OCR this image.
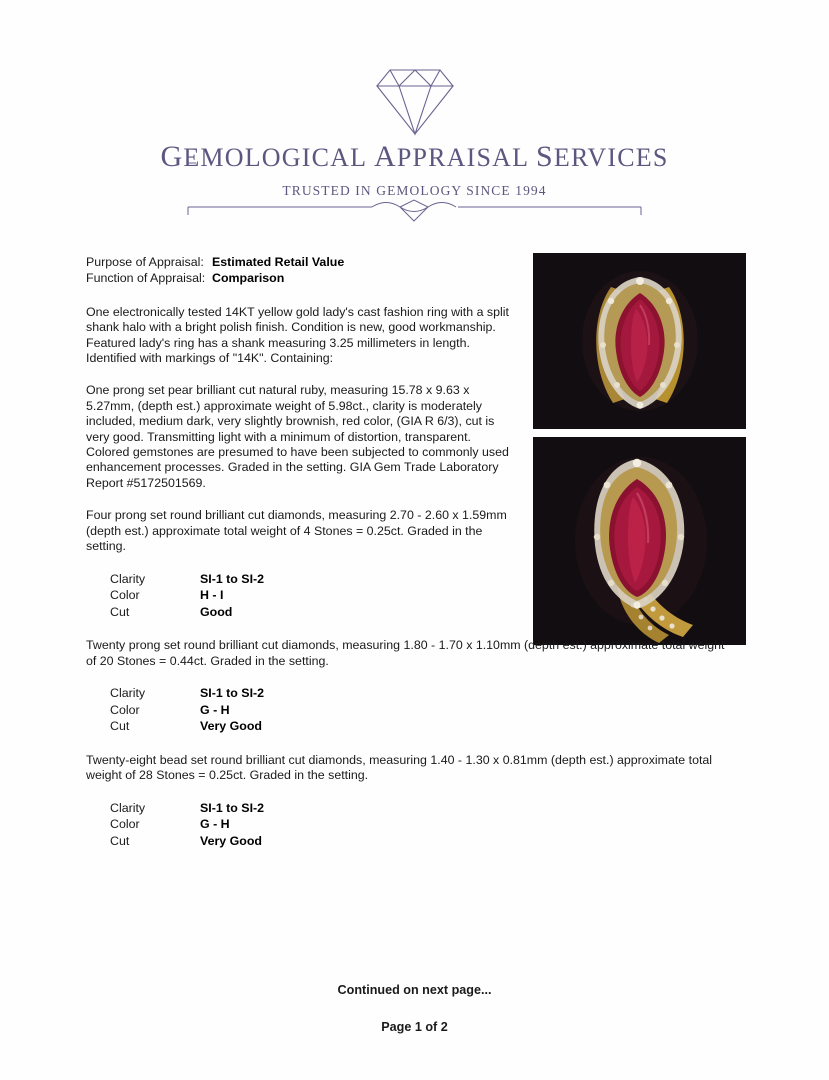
GEMOLOGICAL APPRAISAL SERVICES
TRUSTED IN GEMOLOGY SINCE 1994
Purpose of Appraisal: Estimated Retail Value
Function of Appraisal: Comparison

One electronically tested 14KT yellow gold lady's cast fashion ring with a split shank halo with a bright polish finish. Condition is new, good workmanship. Featured lady's ring has a shank measuring 3.25 millimeters in length. Identified with markings of "14K". Containing:

One prong set pear brilliant cut natural ruby, measuring 15.78 x 9.63 x 5.27mm, (depth est.) approximate weight of 5.98ct., clarity is moderately included, medium dark, very slightly brownish, red color, (GIA R 6/3), cut is very good. Transmitting light with a minimum of distortion, transparent. Colored gemstones are presumed to have been subjected to commonly used enhancement processes. Graded in the setting. GIA Gem Trade Laboratory Report #5172501569.

Four prong set round brilliant cut diamonds, measuring 2.70 - 2.60 x 1.59mm (depth est.) approximate total weight of 4 Stones = 0.25ct. Graded in the setting.

Clarity	SI-1 to SI-2
Color	H - I
Cut	Good

Twenty prong set round brilliant cut diamonds, measuring 1.80 - 1.70 x 1.10mm (depth est.) approximate total weight of 20 Stones = 0.44ct. Graded in the setting.

Clarity	SI-1 to SI-2
Color	G - H
Cut	Very Good

Twenty-eight bead set round brilliant cut diamonds, measuring 1.40 - 1.30 x 0.81mm (depth est.) approximate total weight of 28 Stones = 0.25ct. Graded in the setting.

Clarity	SI-1 to SI-2
Color	G - H
Cut	Very Good
Continued on next page...
Page 1 of 2
